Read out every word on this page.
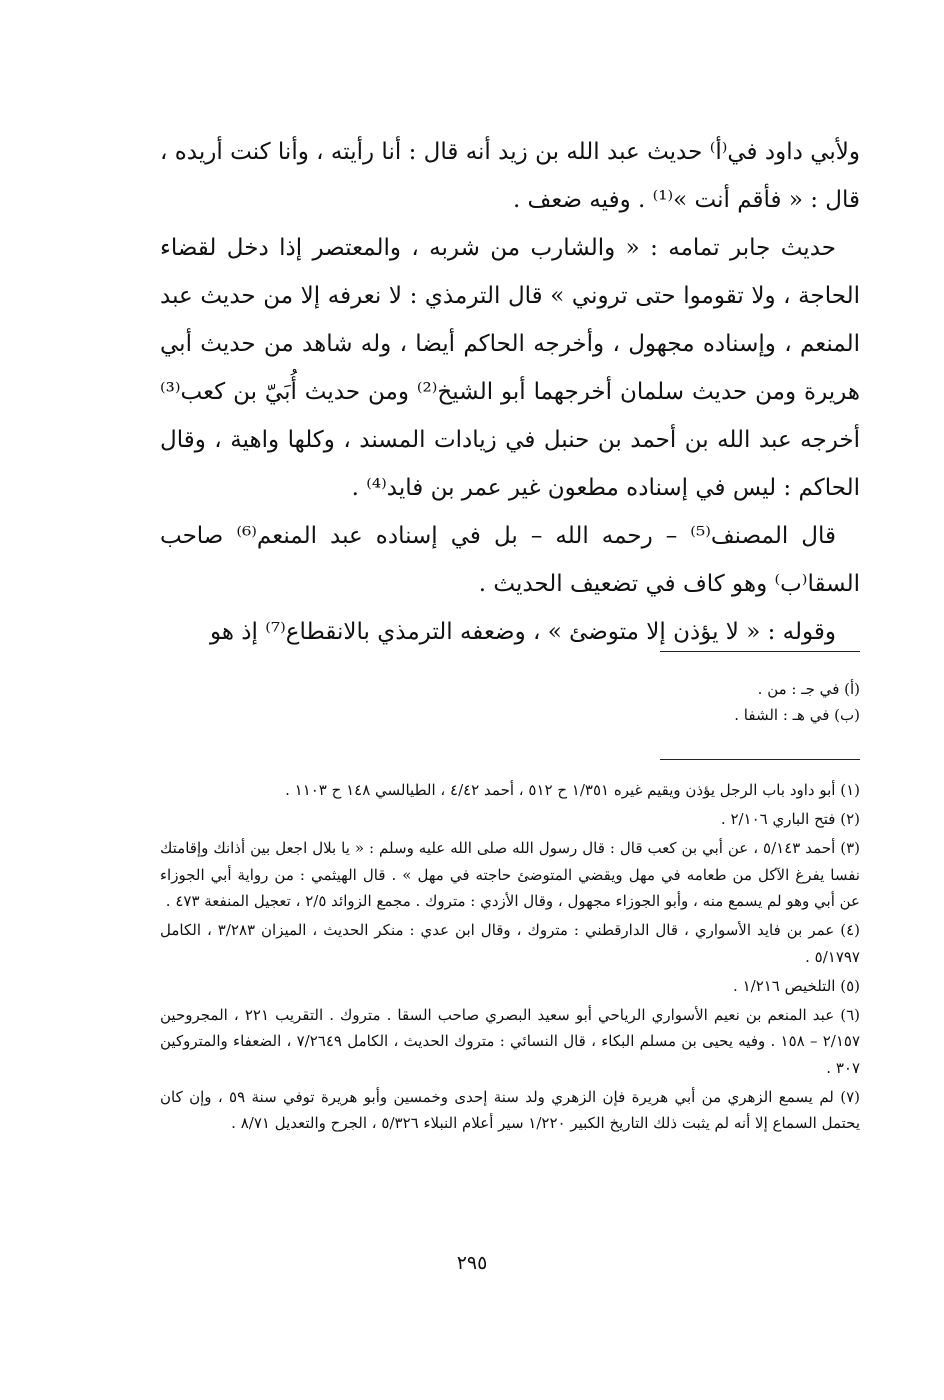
ولأبي داود في⁽أ⁾ حديث عبد الله بن زيد أنه قال : أنا رأيته ، وأنا كنت أريده ، قال : « فأقم أنت »⁽¹⁾ . وفيه ضعف .

حديث جابر تمامه : « والشارب من شربه ، والمعتصر إذا دخل لقضاء الحاجة ، ولا تقوموا حتى تروني » قال الترمذي : لا نعرفه إلا من حديث عبد المنعم ، وإسناده مجهول ، وأخرجه الحاكم أيضا ، وله شاهد من حديث أبي هريرة ومن حديث سلمان أخرجهما أبو الشيخ⁽²⁾ ومن حديث أُبَيّ بن كعب⁽³⁾ أخرجه عبد الله بن أحمد بن حنبل في زيادات المسند ، وكلها واهية ، وقال الحاكم : ليس في إسناده مطعون غير عمر بن فايد⁽⁴⁾ .

قال المصنف⁽⁵⁾ – رحمه الله – بل في إسناده عبد المنعم⁽⁶⁾ صاحب السقا⁽ب⁾ وهو كاف في تضعيف الحديث .

وقوله : « لا يؤذن إلا متوضئ » ، وضعفه الترمذي بالانقطاع⁽⁷⁾ إذ هو

(أ) في جـ : من .
(ب) في هـ : الشفا .

(١) أبو داود باب الرجل يؤذن ويقيم غيره ١/٣٥١ ح ٥١٢ ، أحمد ٤/٤٢ ، الطيالسي ١٤٨ ح ١١٠٣ .

(٢) فتح الباري ٢/١٠٦ .

(٣) أحمد ٥/١٤٣ ، عن أبي بن كعب قال : قال رسول الله صلى الله عليه وسلم : « يا بلال اجعل بين أذانك وإقامتك نفسا يفرغ الآكل من طعامه في مهل ويقضي المتوضئ حاجته في مهل » . قال الهيثمي : من رواية أبي الجوزاء عن أبي وهو لم يسمع منه ، وأبو الجوزاء مجهول ، وقال الأزدي : متروك . مجمع الزوائد ٢/٥ ، تعجيل المنفعة ٤٧٣ .

(٤) عمر بن فايد الأسواري ، قال الدارقطني : متروك ، وقال ابن عدي : منكر الحديث ، الميزان ٣/٢٨٣ ، الكامل ٥/١٧٩٧ .

(٥) التلخيص ١/٢١٦ .

(٦) عبد المنعم بن نعيم الأسواري الرياحي أبو سعيد البصري صاحب السقا . متروك . التقريب ٢٢١ ، المجروحين ٢/١٥٧ – ١٥٨ . وفيه يحيى بن مسلم البكاء ، قال النسائي : متروك الحديث ، الكامل ٧/٢٦٤٩ ، الضعفاء والمتروكين ٣٠٧ .

(٧) لم يسمع الزهري من أبي هريرة فإن الزهري ولد سنة إحدى وخمسين وأبو هريرة توفي سنة ٥٩ ، وإن كان يحتمل السماع إلا أنه لم يثبت ذلك التاريخ الكبير ١/٢٢٠ سير أعلام النبلاء ٥/٣٢٦ ، الجرح والتعديل ٨/٧١ .

٢٩٥
